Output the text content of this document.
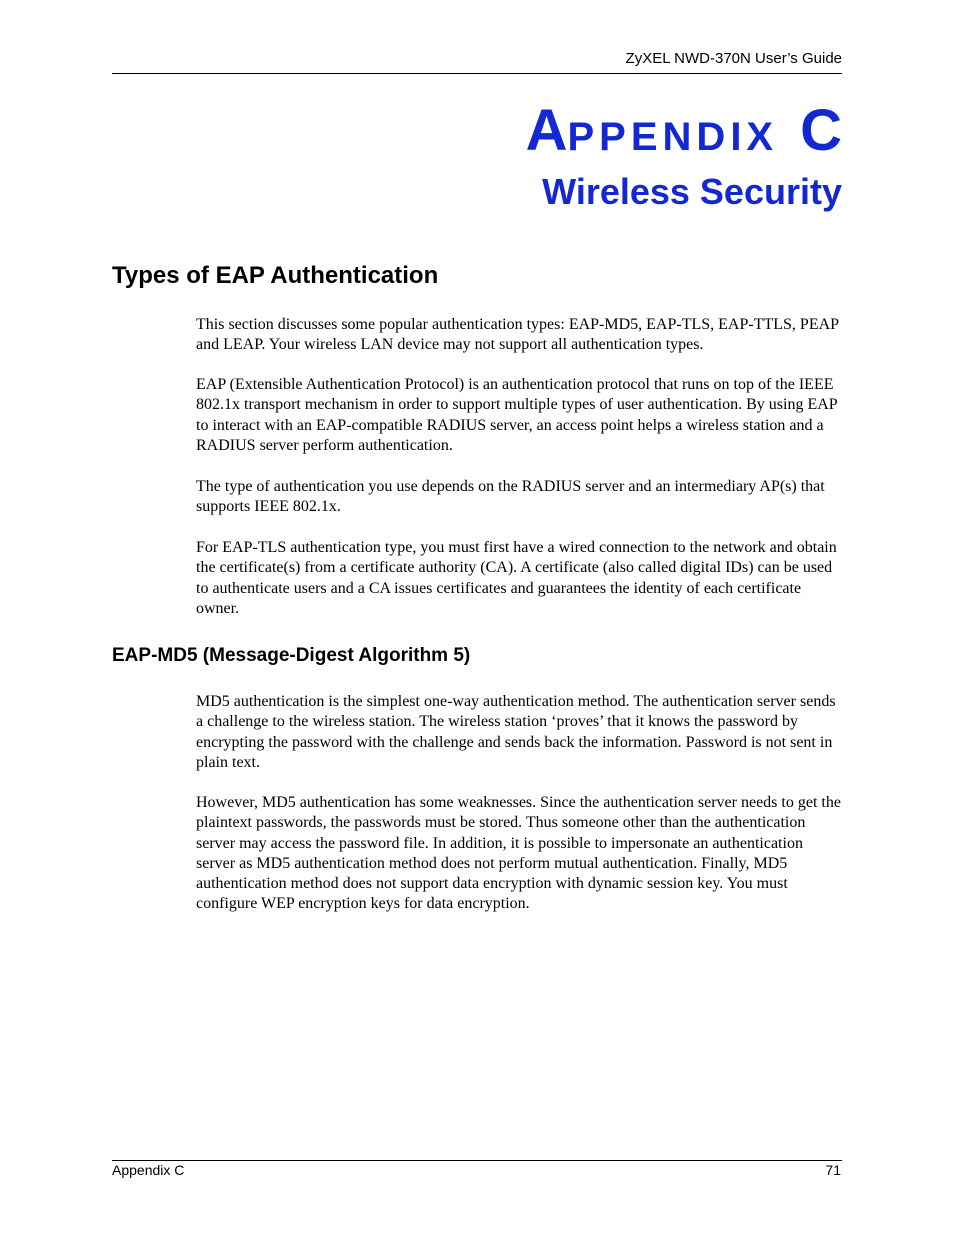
ZyXEL NWD-370N User’s Guide
APPENDIX C
Wireless Security
Types of EAP Authentication

This section discusses some popular authentication types: EAP-MD5, EAP-TLS, EAP-TTLS, PEAP and LEAP. Your wireless LAN device may not support all authentication types.

EAP (Extensible Authentication Protocol) is an authentication protocol that runs on top of the IEEE 802.1x transport mechanism in order to support multiple types of user authentication. By using EAP to interact with an EAP-compatible RADIUS server, an access point helps a wireless station and a RADIUS server perform authentication.

The type of authentication you use depends on the RADIUS server and an intermediary AP(s) that supports IEEE 802.1x.

For EAP-TLS authentication type, you must first have a wired connection to the network and obtain the certificate(s) from a certificate authority (CA). A certificate (also called digital IDs) can be used to authenticate users and a CA issues certificates and guarantees the identity of each certificate owner.

EAP-MD5 (Message-Digest Algorithm 5)

MD5 authentication is the simplest one-way authentication method. The authentication server sends a challenge to the wireless station. The wireless station ‘proves’ that it knows the password by encrypting the password with the challenge and sends back the information. Password is not sent in plain text.

However, MD5 authentication has some weaknesses. Since the authentication server needs to get the plaintext passwords, the passwords must be stored. Thus someone other than the authentication server may access the password file. In addition, it is possible to impersonate an authentication server as MD5 authentication method does not perform mutual authentication. Finally, MD5 authentication method does not support data encryption with dynamic session key. You must configure WEP encryption keys for data encryption.

Appendix C	71
